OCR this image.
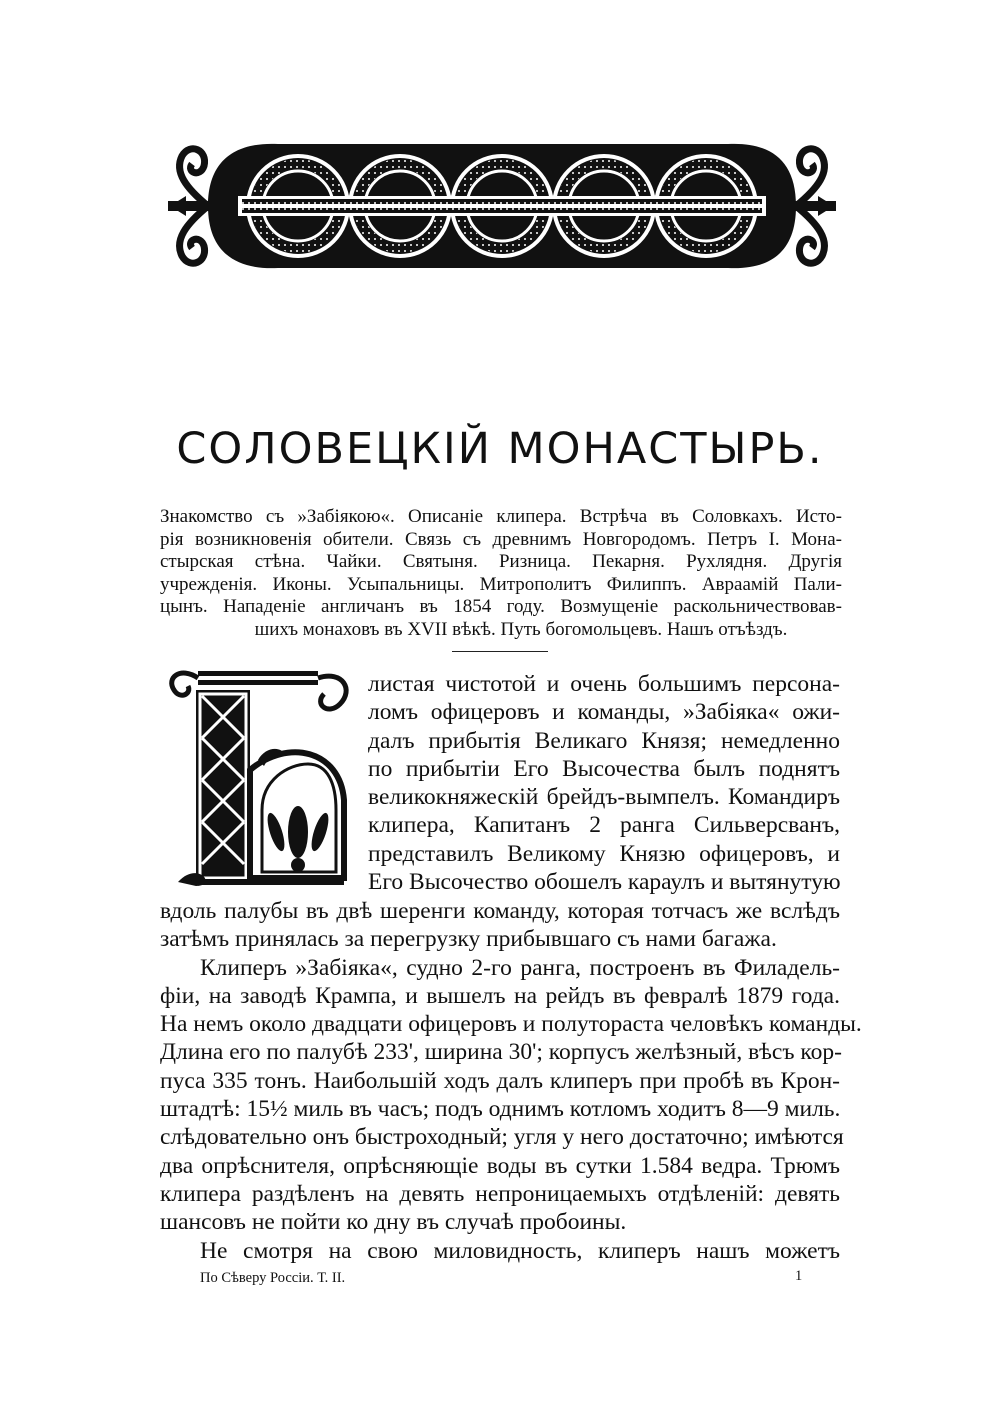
СОЛОВЕЦКІЙ МОНАСТЫРЬ.
Знакомство съ »Забіякою«. Описаніе клипера. Встрѣча въ Соловкахъ. Исто-
рія возникновенія обители. Связь съ древнимъ Новгородомъ. Петръ І. Мона-
стырская стѣна. Чайки. Святыня. Ризница. Пекарня. Рухлядня. Другія
учрежденія. Иконы. Усыпальницы. Митрополитъ Филиппъ. Авраамій Пали-
цынъ. Нападеніе англичанъ въ 1854 году. Возмущеніе раскольничествовав-
шихъ монаховъ въ XVII вѣкѣ. Путь богомольцевъ. Нашъ отъѣздъ.
листая чистотой и очень большимъ персона-
ломъ офицеровъ и команды, »Забіяка« ожи-
далъ прибытія Великаго Князя; немедленно
по прибытіи Его Высочества былъ поднятъ
великокняжескій брейдъ-вымпелъ. Командиръ
клипера, Капитанъ 2 ранга Сильверсванъ,
представилъ Великому Князю офицеровъ, и
Его Высочество обошелъ караулъ и вытянутую
вдоль палубы въ двѣ шеренги команду, которая тотчасъ же вслѣдъ
затѣмъ принялась за перегрузку прибывшаго съ нами багажа.
Клиперъ »Забіяка«, судно 2-го ранга, построенъ въ Филадель-
фіи, на заводѣ Крампа, и вышелъ на рейдъ въ февралѣ 1879 года.
На немъ около двадцати офицеровъ и полутораста человѣкъ команды.
Длина его по палубѣ 233', ширина 30'; корпусъ желѣзный, вѣсъ кор-
пуса 335 тонъ. Наибольшій ходъ далъ клиперъ при пробѣ въ Крон-
штадтѣ: 15½ миль въ часъ; подъ однимъ котломъ ходитъ 8—9 миль.
слѣдовательно онъ быстроходный; угля у него достаточно; имѣются
два опрѣснителя, опрѣсняющіе воды въ сутки 1.584 ведра. Трюмъ
клипера раздѣленъ на девять непроницаемыхъ отдѣленій: девять
шансовъ не пойти ко дну въ случаѣ пробоины.
Не смотря на свою миловидность, клиперъ нашъ можетъ
По Сѣверу Россіи. Т. II.	1
